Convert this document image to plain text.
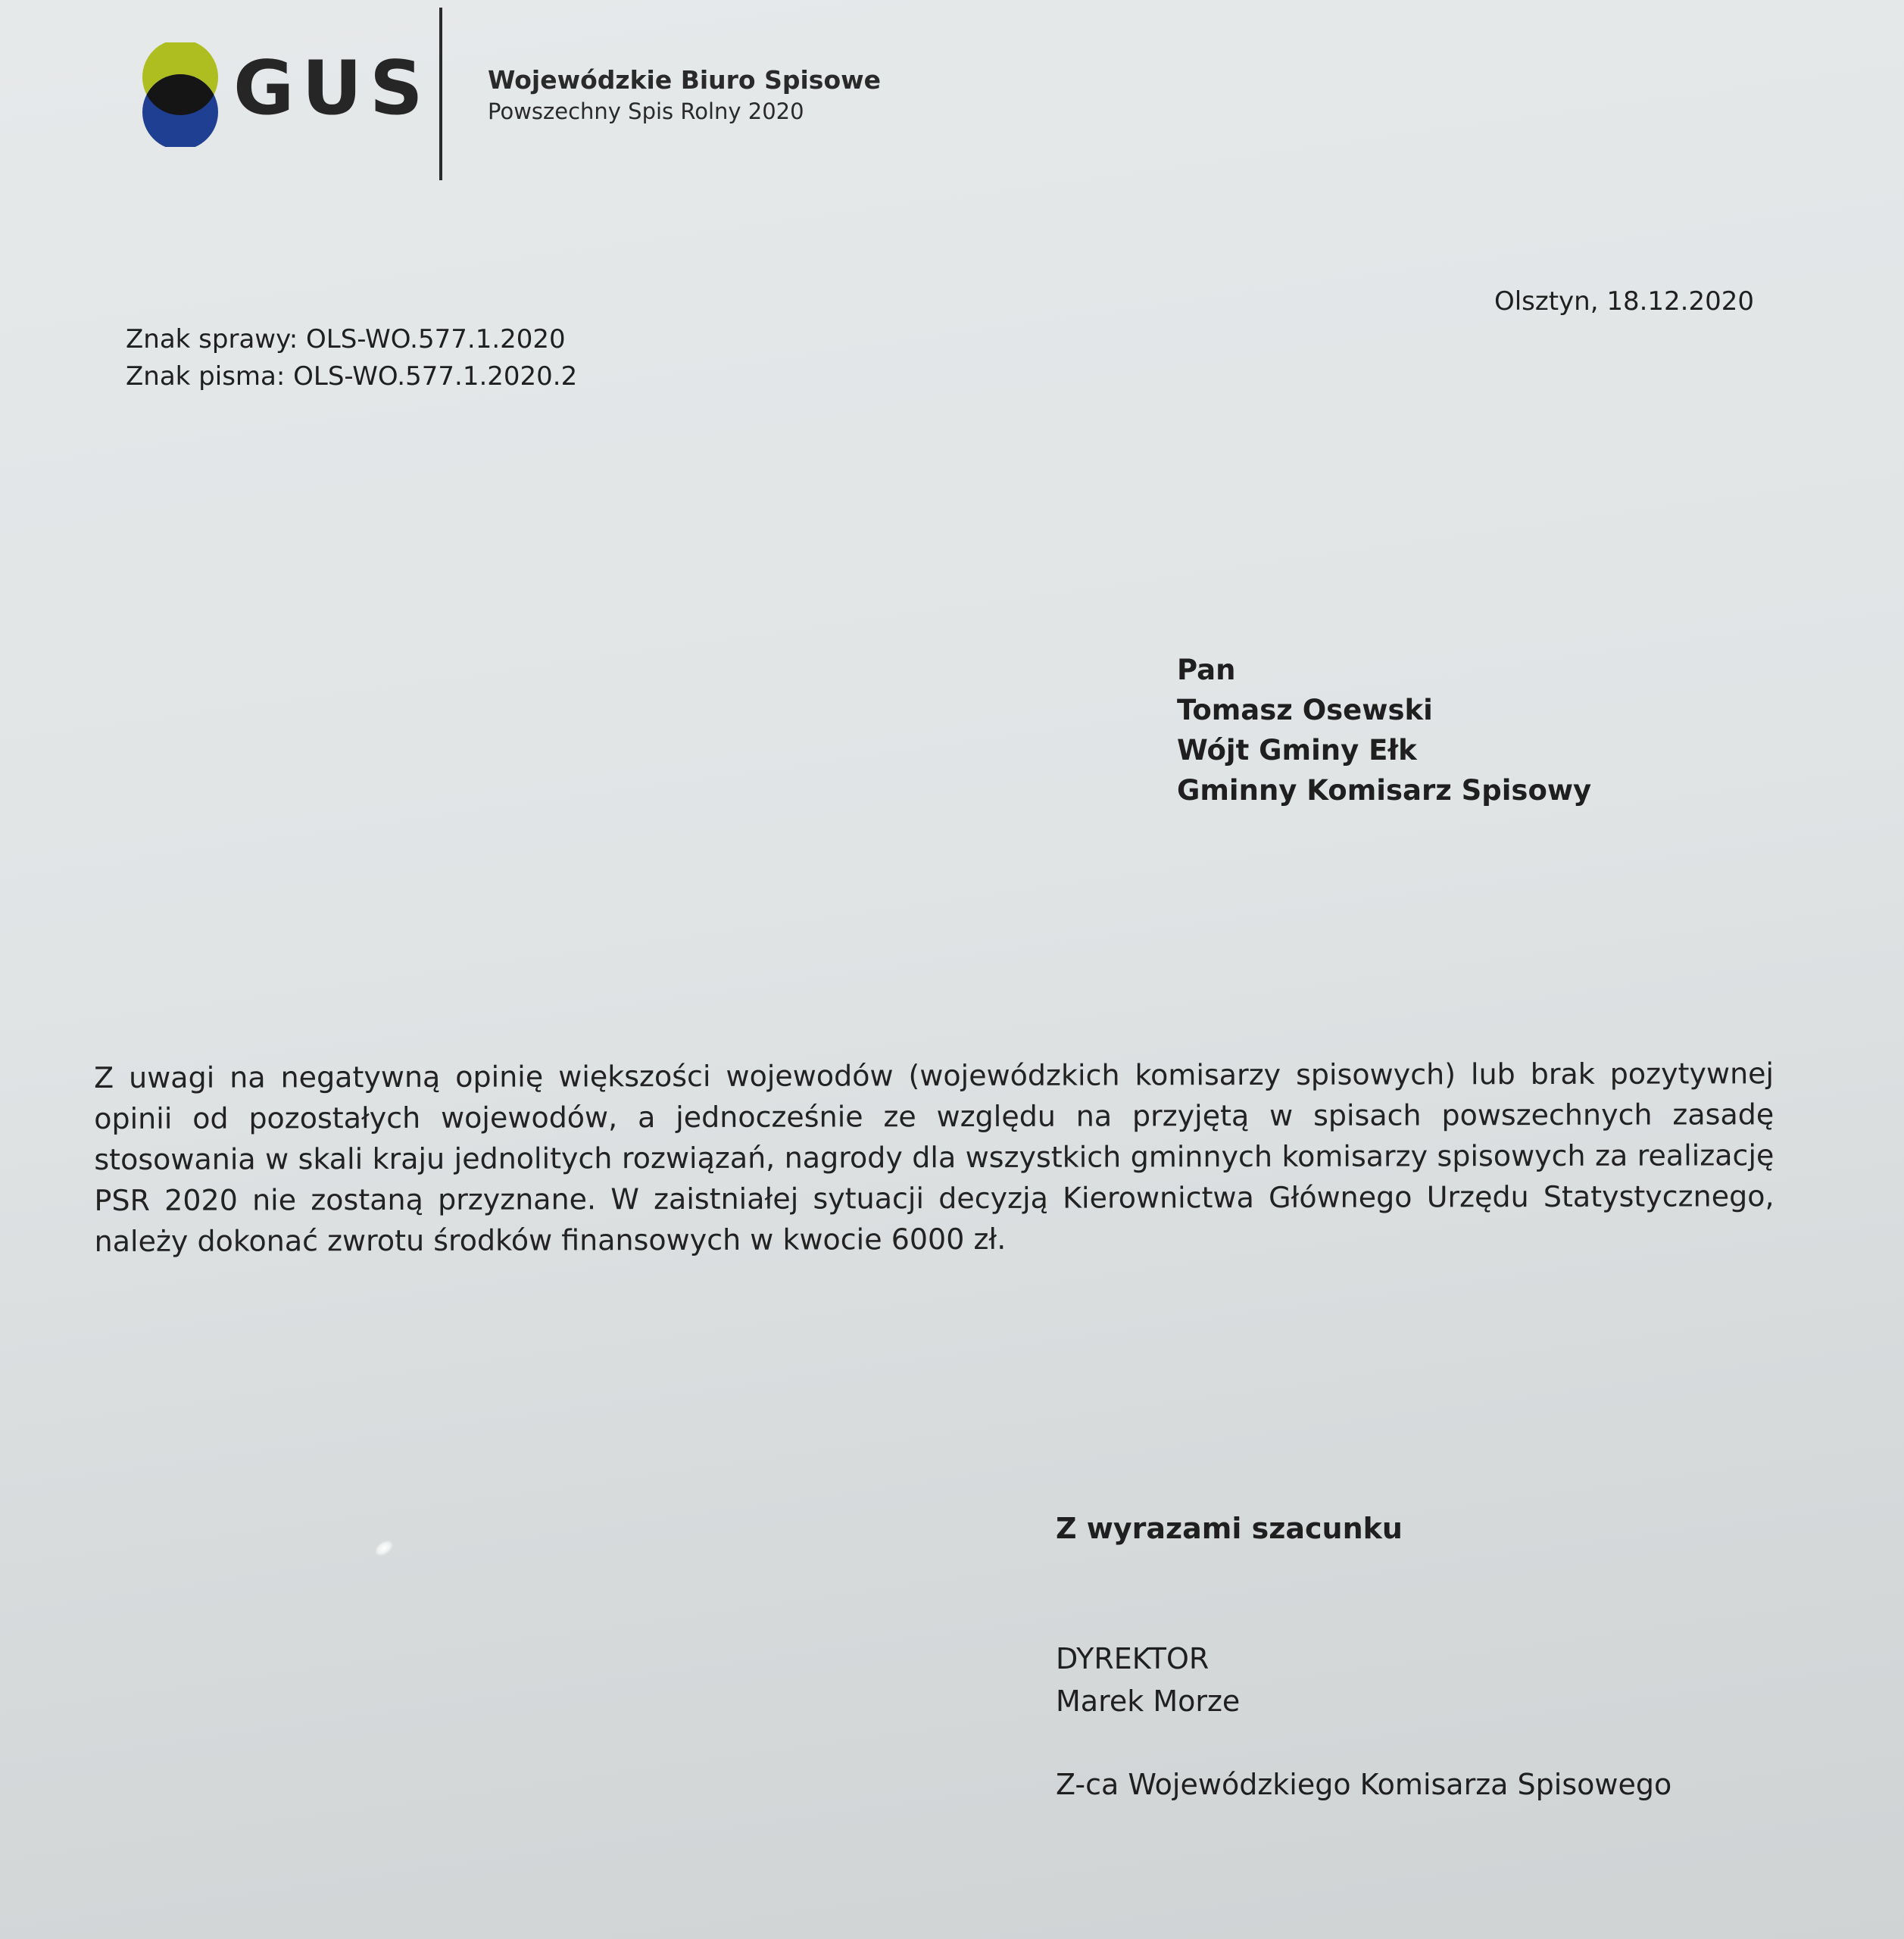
GUS Wojewódzkie Biuro Spisowe
Powszechny Spis Rolny 2020
Olsztyn, 18.12.2020
Znak sprawy: OLS-WO.577.1.2020
Znak pisma: OLS-WO.577.1.2020.2
Pan
Tomasz Osewski
Wójt Gminy Ełk
Gminny Komisarz Spisowy
Z uwagi na negatywną opinię większości wojewodów (wojewódzkich komisarzy spisowych) lub brak pozytywnej opinii od pozostałych wojewodów, a jednocześnie ze względu na przyjętą w spisach powszechnych zasadę stosowania w skali kraju jednolitych rozwiązań, nagrody dla wszystkich gminnych komisarzy spisowych za realizację PSR 2020 nie zostaną przyznane. W zaistniałej sytuacji decyzją Kierownictwa Głównego Urzędu Statystycznego, należy dokonać zwrotu środków finansowych w kwocie 6000 zł.
Z wyrazami szacunku
DYREKTOR
Marek Morze
Z-ca Wojewódzkiego Komisarza Spisowego
